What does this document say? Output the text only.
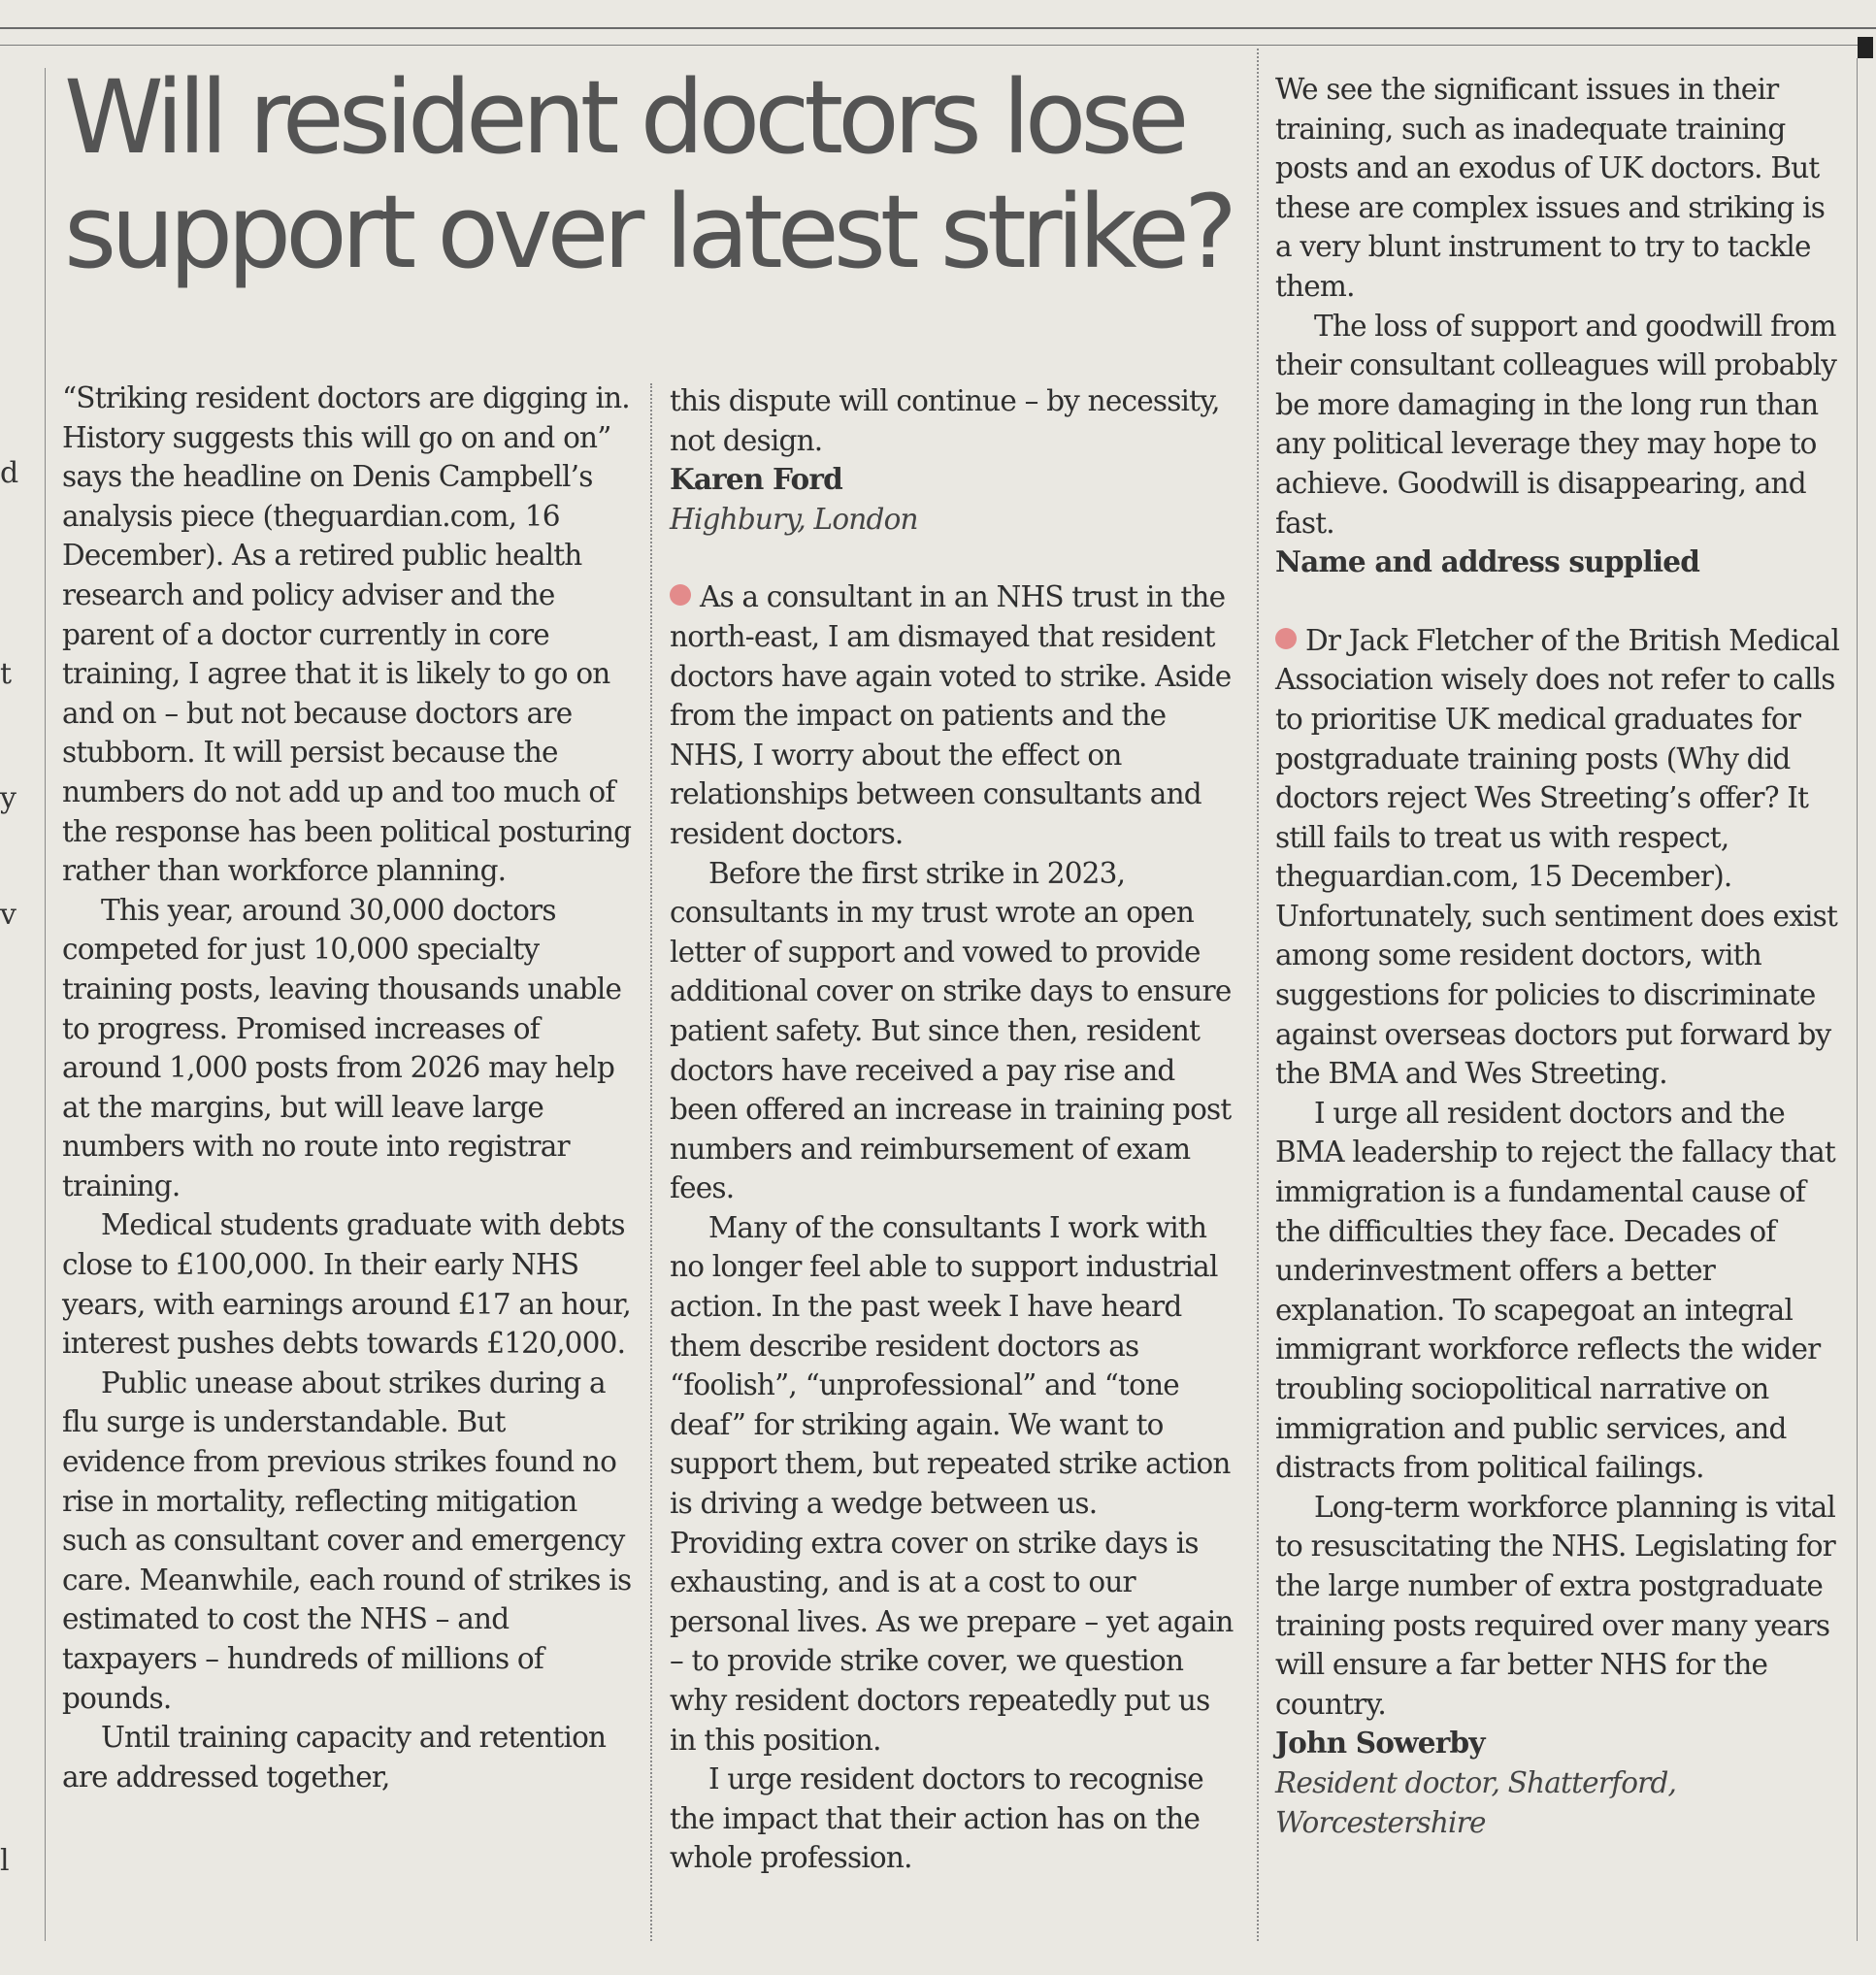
d
t
y
v
l
Will resident doctors lose support over latest strike?

“Striking resident doctors are digging in. History suggests this will go on and on” says the headline on Denis Campbell’s analysis piece (theguardian.com, 16 December). As a retired public health research and policy adviser and the parent of a doctor currently in core training, I agree that it is likely to go on and on – but not because doctors are stubborn. It will persist because the numbers do not add up and too much of the response has been political posturing rather than workforce planning.

This year, around 30,000 doctors competed for just 10,000 specialty training posts, leaving thousands unable to progress. Promised increases of around 1,000 posts from 2026 may help at the margins, but will leave large numbers with no route into registrar training.

Medical students graduate with debts close to £100,000. In their early NHS years, with earnings around £17 an hour, interest pushes debts towards £120,000.

Public unease about strikes during a flu surge is understandable. But evidence from previous strikes found no rise in mortality, reflecting mitigation such as consultant cover and emergency care. Meanwhile, each round of strikes is estimated to cost the NHS – and taxpayers – hundreds of millions of pounds.

Until training capacity and retention are addressed together,

this dispute will continue – by necessity, not design.

Karen Ford

Highbury, London

As a consultant in an NHS trust in the north-east, I am dismayed that resident doctors have again voted to strike. Aside from the impact on patients and the NHS, I worry about the effect on relationships between consultants and resident doctors.

Before the first strike in 2023, consultants in my trust wrote an open letter of support and vowed to provide additional cover on strike days to ensure patient safety. But since then, resident doctors have received a pay rise and been offered an increase in training post numbers and reimbursement of exam fees.

Many of the consultants I work with no longer feel able to support industrial action. In the past week I have heard them describe resident doctors as “foolish”, “unprofessional” and “tone deaf” for striking again. We want to support them, but repeated strike action is driving a wedge between us. Providing extra cover on strike days is exhausting, and is at a cost to our personal lives. As we prepare – yet again – to provide strike cover, we question why resident doctors repeatedly put us in this position.

I urge resident doctors to recognise the impact that their action has on the whole profession.

We see the significant issues in their training, such as inadequate training posts and an exodus of UK doctors. But these are complex issues and striking is a very blunt instrument to try to tackle them.

The loss of support and goodwill from their consultant colleagues will probably be more damaging in the long run than any political leverage they may hope to achieve. Goodwill is disappearing, and fast.

Name and address supplied

Dr Jack Fletcher of the British Medical Association wisely does not refer to calls to prioritise UK medical graduates for postgraduate training posts (Why did doctors reject Wes Streeting’s offer? It still fails to treat us with respect, theguardian.com, 15 December). Unfortunately, such sentiment does exist among some resident doctors, with suggestions for policies to discriminate against overseas doctors put forward by the BMA and Wes Streeting.

I urge all resident doctors and the BMA leadership to reject the fallacy that immigration is a fundamental cause of the difficulties they face. Decades of underinvestment offers a better explanation. To scapegoat an integral immigrant workforce reflects the wider troubling sociopolitical narrative on immigration and public services, and distracts from political failings.

Long-term workforce planning is vital to resuscitating the NHS. Legislating for the large number of extra postgraduate training posts required over many years will ensure a far better NHS for the country.

John Sowerby

Resident doctor, Shatterford, Worcestershire
